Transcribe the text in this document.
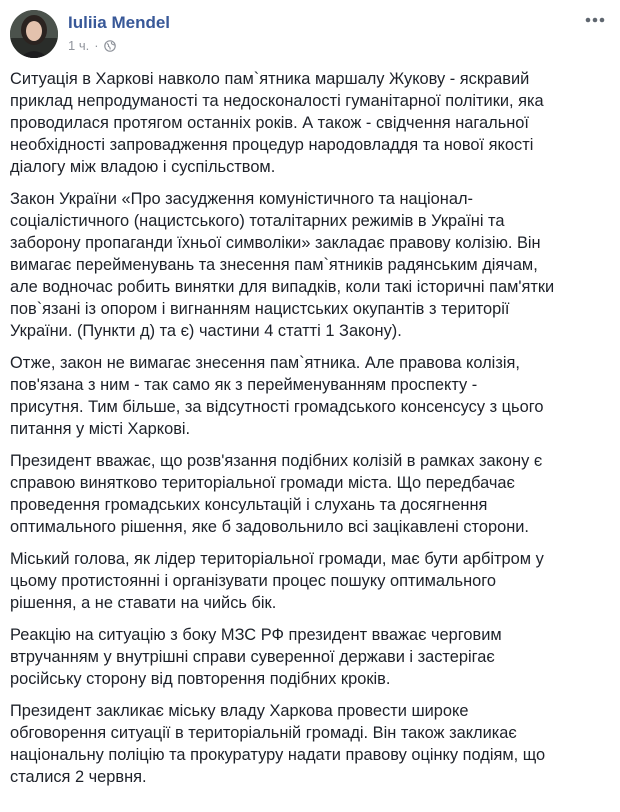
Iuliia Mendel
1 ч. ·

Ситуація в Харкові навколо пам`ятника маршалу Жукову - яскравий
приклад непродуманості та недосконалості гуманітарної політики, яка
проводилася протягом останніх років. А також - свідчення нагальної
необхідності запровадження процедур народовладдя та нової якості
діалогу між владою і суспільством.

Закон України «Про засудження комуністичного та націонал-
соціалістичного (нацистського) тоталітарних режимів в Україні та
заборону пропаганди їхньої символіки» закладає правову колізію. Він
вимагає перейменувань та знесення пам`ятників радянським діячам,
але водночас робить винятки для випадків, коли такі історичні пам'ятки
пов`язані із опором і вигнанням нацистських окупантів з території
України. (Пункти д) та є) частини 4 статті 1 Закону).

Отже, закон не вимагає знесення пам`ятника. Але правова колізія,
пов'язана з ним - так само як з перейменуванням проспекту -
присутня. Тим більше, за відсутності громадського консенсусу з цього
питання у місті Харкові.

Президент вважає, що розв'язання подібних колізій в рамках закону є
справою винятково територіальної громади міста. Що передбачає
проведення громадських консультацій і слухань та досягнення
оптимального рішення, яке б задовольнило всі зацікавлені сторони.

Міський голова, як лідер територіальної громади, має бути арбітром у
цьому протистоянні і організувати процес пошуку оптимального
рішення, а не ставати на чийсь бік.

Реакцію на ситуацію з боку МЗС РФ президент вважає черговим
втручанням у внутрішні справи суверенної держави і застерігає
російську сторону від повторення подібних кроків.

Президент закликає міську владу Харкова провести широке
обговорення ситуації в територіальній громаді. Він також закликає
національну поліцію та прокуратуру надати правову оцінку подіям, що
сталися 2 червня.
